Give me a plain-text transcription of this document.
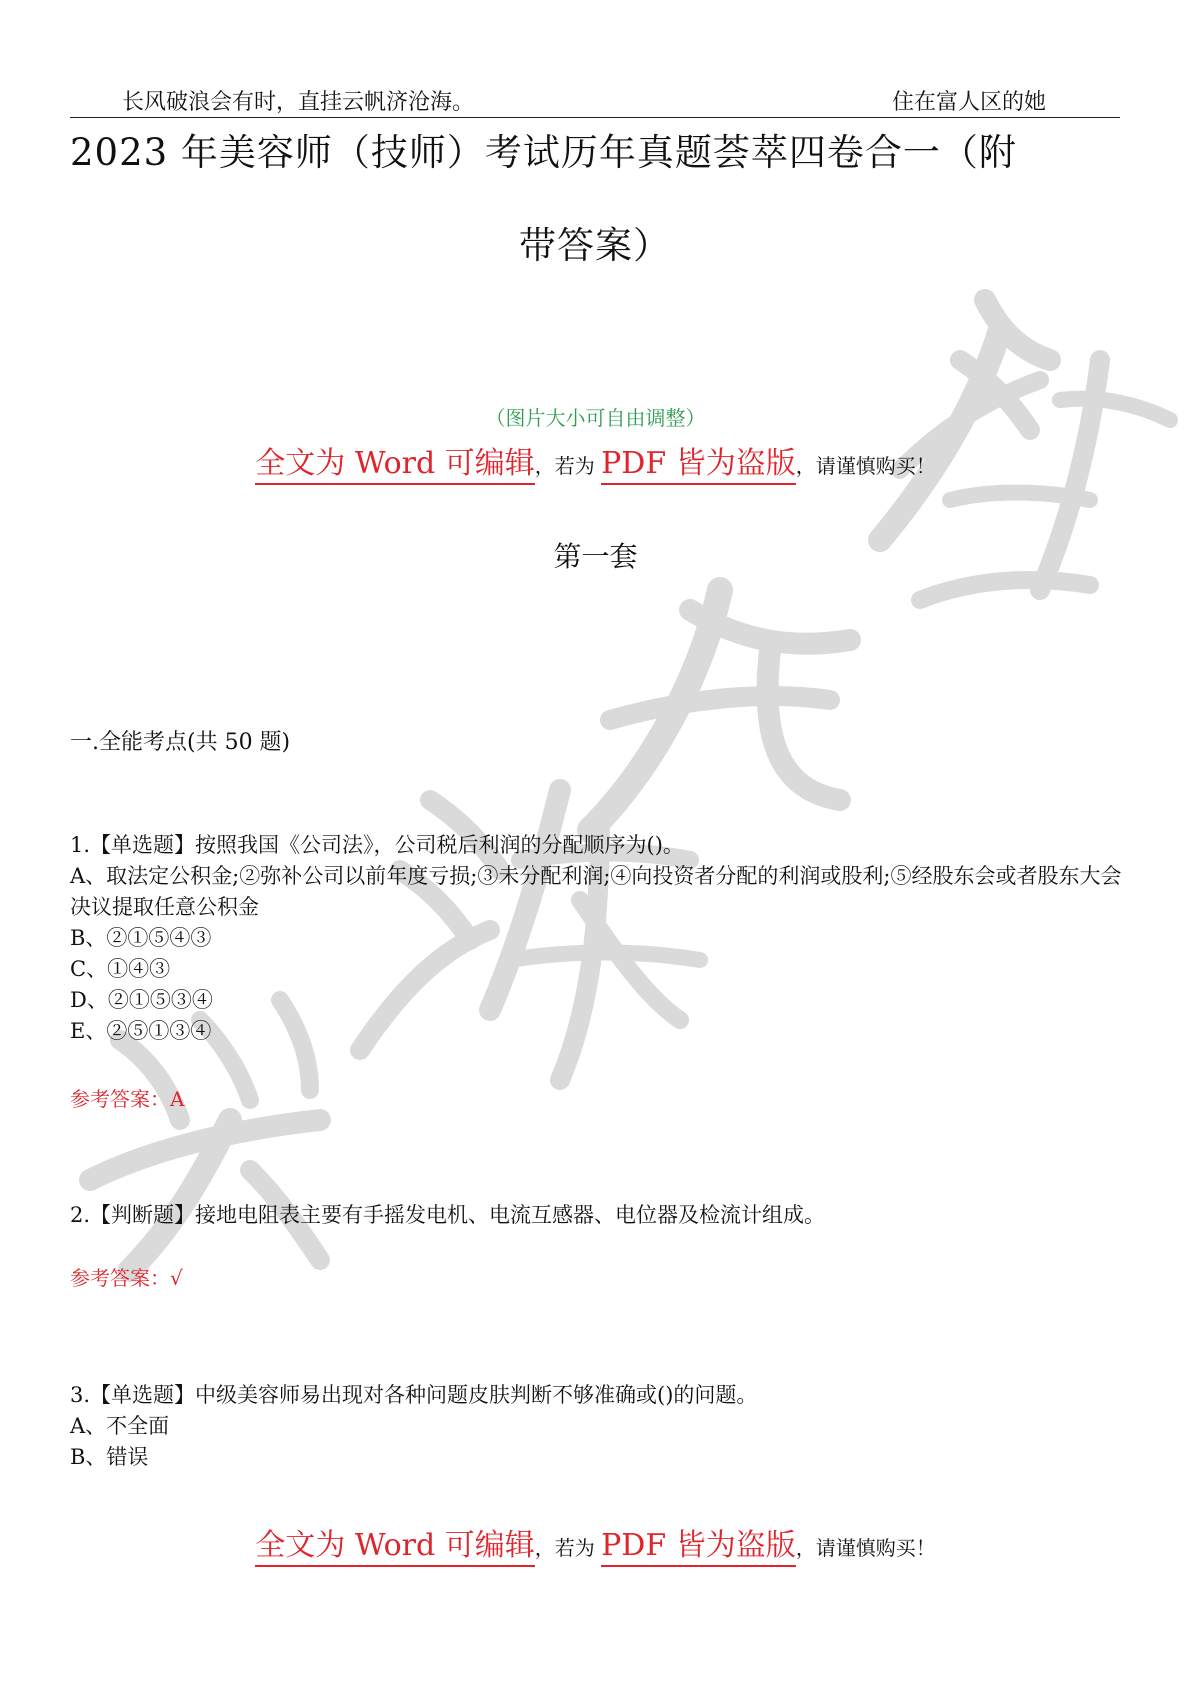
长风破浪会有时，直挂云帆济沧海。	住在富人区的她
2023 年美容师（技师）考试历年真题荟萃四卷合一（附
带答案）
（图片大小可自由调整）
全文为 Word 可编辑，若为 PDF 皆为盗版，请谨慎购买！
第一套
一.全能考点(共 50 题)

1.【单选题】按照我国《公司法》，公司税后利润的分配顺序为()。

A、取法定公积金;②弥补公司以前年度亏损;③未分配利润;④向投资者分配的利润或股利;⑤经股东会或者股东大会决议提取任意公积金

B、②①⑤④③

C、①④③

D、②①⑤③④

E、②⑤①③④

参考答案：A

2.【判断题】接地电阻表主要有手摇发电机、电流互感器、电位器及检流计组成。

参考答案：√

3.【单选题】中级美容师易出现对各种问题皮肤判断不够准确或()的问题。

A、不全面

B、错误

全文为 Word 可编辑，若为 PDF 皆为盗版，请谨慎购买！
